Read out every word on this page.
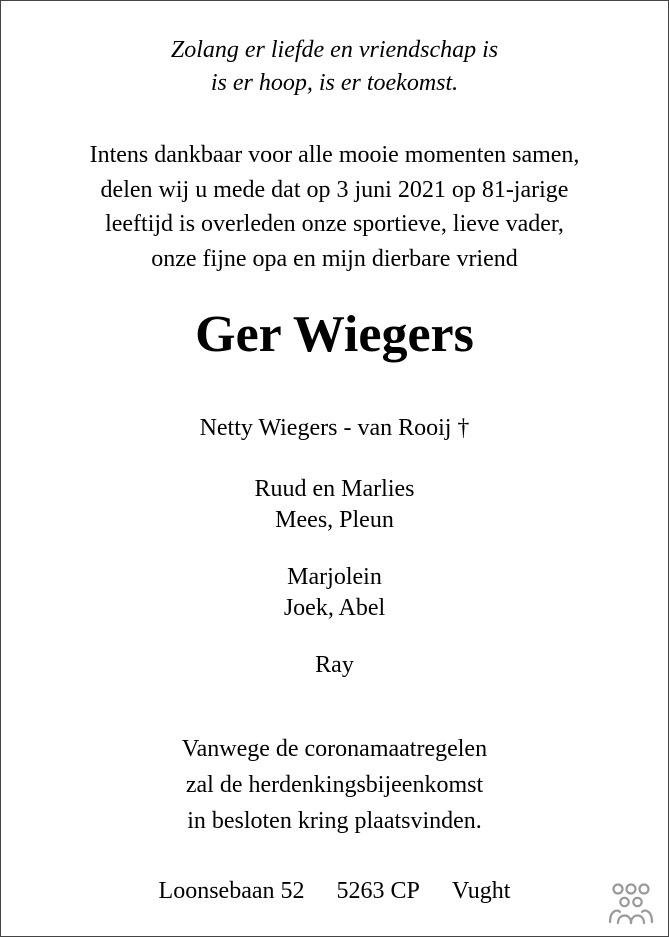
Zolang er liefde en vriendschap is
is er hoop, is er toekomst.
Intens dankbaar voor alle mooie momenten samen,
delen wij u mede dat op 3 juni 2021 op 81-jarige
leeftijd is overleden onze sportieve, lieve vader,
onze fijne opa en mijn dierbare vriend
Ger Wiegers
Netty Wiegers - van Rooij †
Ruud en Marlies
Mees, Pleun
Marjolein
Joek, Abel
Ray
Vanwege de coronamaatregelen
zal de herdenkingsbijeenkomst
in besloten kring plaatsvinden.
Loonsebaan 52 5263 CP Vught
